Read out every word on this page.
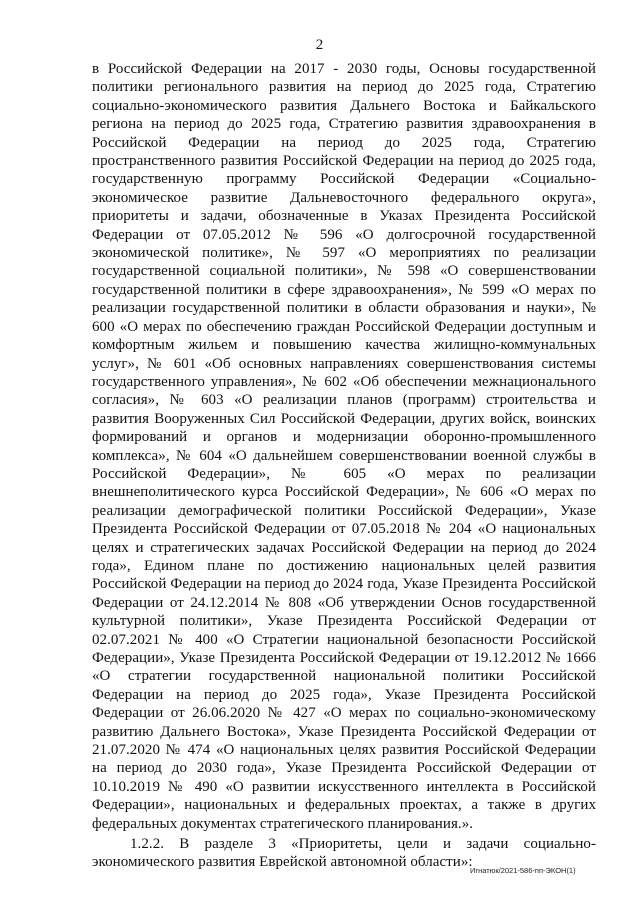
2

в Российской Федерации на 2017 - 2030 годы, Основы государственной политики регионального развития на период до 2025 года, Стратегию социально-экономического развития Дальнего Востока и Байкальского региона на период до 2025 года, Стратегию развития здравоохранения в Российской Федерации на период до 2025 года, Стратегию пространственного развития Российской Федерации на период до 2025 года, государственную программу Российской Федерации «Социально-экономическое развитие Дальневосточного федерального округа», приоритеты и задачи, обозначенные в Указах Президента Российской Федерации от 07.05.2012 № 596 «О долгосрочной государственной экономической политике», № 597 «О мероприятиях по реализации государственной социальной политики», № 598 «О совершенствовании государственной политики в сфере здравоохранения», № 599 «О мерах по реализации государственной политики в области образования и науки», № 600 «О мерах по обеспечению граждан Российской Федерации доступным и комфортным жильем и повышению качества жилищно-коммунальных услуг», № 601 «Об основных направлениях совершенствования системы государственного управления», № 602 «Об обеспечении межнационального согласия», № 603 «О реализации планов (программ) строительства и развития Вооруженных Сил Российской Федерации, других войск, воинских формирований и органов и модернизации оборонно-промышленного комплекса», № 604 «О дальнейшем совершенствовании военной службы в Российской Федерации», № 605 «О мерах по реализации внешнеполитического курса Российской Федерации», № 606 «О мерах по реализации демографической политики Российской Федерации», Указе Президента Российской Федерации от 07.05.2018 № 204 «О национальных целях и стратегических задачах Российской Федерации на период до 2024 года», Едином плане по достижению национальных целей развития Российской Федерации на период до 2024 года, Указе Президента Российской Федерации от 24.12.2014 № 808 «Об утверждении Основ государственной культурной политики», Указе Президента Российской Федерации от 02.07.2021 № 400 «О Стратегии национальной безопасности Российской Федерации», Указе Президента Российской Федерации от 19.12.2012 № 1666 «О стратегии государственной национальной политики Российской Федерации на период до 2025 года», Указе Президента Российской Федерации от 26.06.2020 № 427 «О мерах по социально-экономическому развитию Дальнего Востока», Указе Президента Российской Федерации от 21.07.2020 № 474 «О национальных целях развития Российской Федерации на период до 2030 года», Указе Президента Российской Федерации от 10.10.2019 № 490 «О развитии искусственного интеллекта в Российской Федерации», национальных и федеральных проектах, а также в других федеральных документах стратегического планирования.».

1.2.2. В разделе 3 «Приоритеты, цели и задачи социально-экономического развития Еврейской автономной области»:

Игнатюк/2021-586-пп-ЭКОН(1)
